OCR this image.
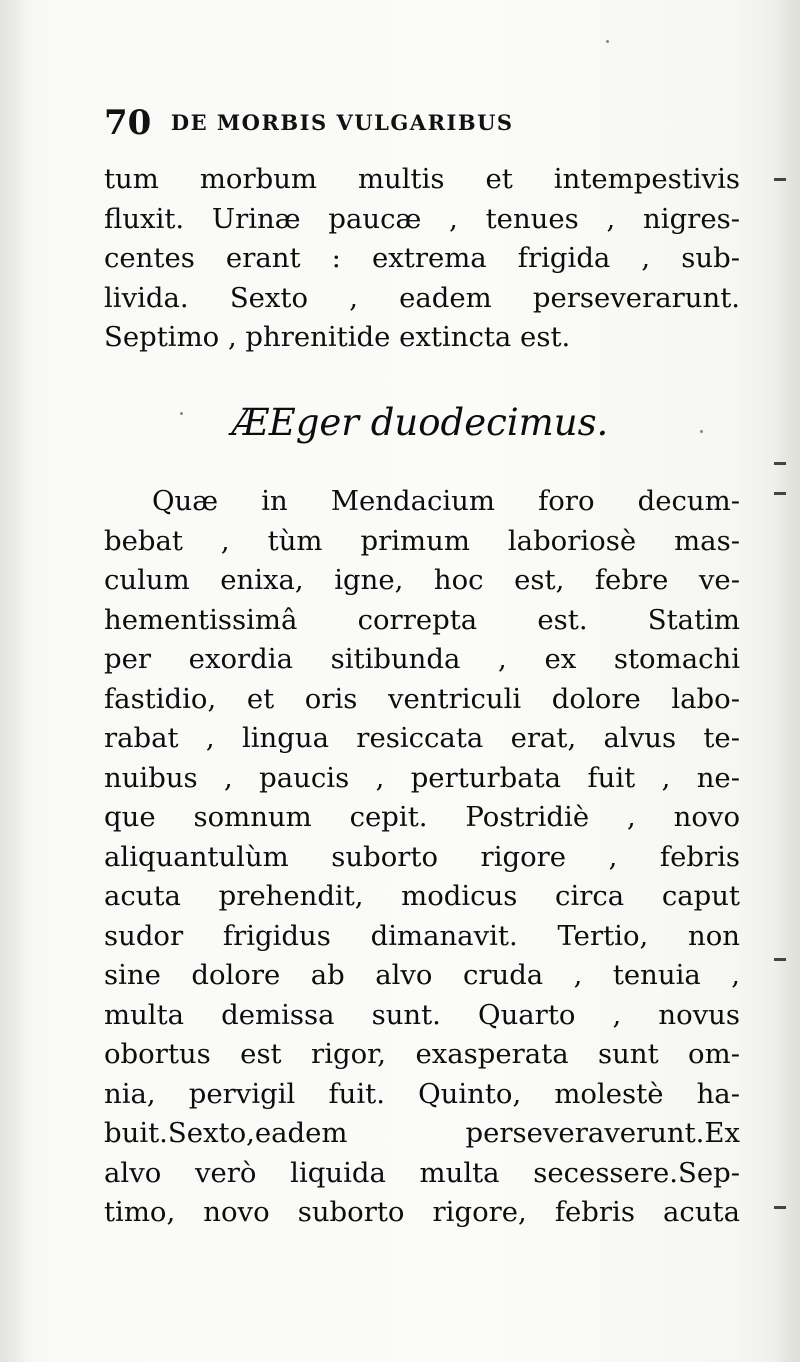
70 DE MORBIS VULGARIBUS
tum morbum multis et intempestivis
fluxit. Urinæ paucæ , tenues , nigres-
centes erant : extrema frigida , sub-
livida. Sexto , eadem perseverarunt.
Septimo , phrenitide extincta est.
ÆEger duodecimus.
Quæ in Mendacium foro decum-
bebat , tùm primum laboriosè mas-
culum enixa, igne, hoc est, febre ve-
hementissimâ correpta est. Statim
per exordia sitibunda , ex stomachi
fastidio, et oris ventriculi dolore labo-
rabat , lingua resiccata erat, alvus te-
nuibus , paucis , perturbata fuit , ne-
que somnum cepit. Postridiè , novo
aliquantulùm suborto rigore , febris
acuta prehendit, modicus circa caput
sudor frigidus dimanavit. Tertio, non
sine dolore ab alvo cruda , tenuia ,
multa demissa sunt. Quarto , novus
obortus est rigor, exasperata sunt om-
nia, pervigil fuit. Quinto, molestè ha-
buit.Sexto,eadem perseveraverunt.Ex
alvo verò liquida multa secessere.Sep-
timo, novo suborto rigore, febris acuta
